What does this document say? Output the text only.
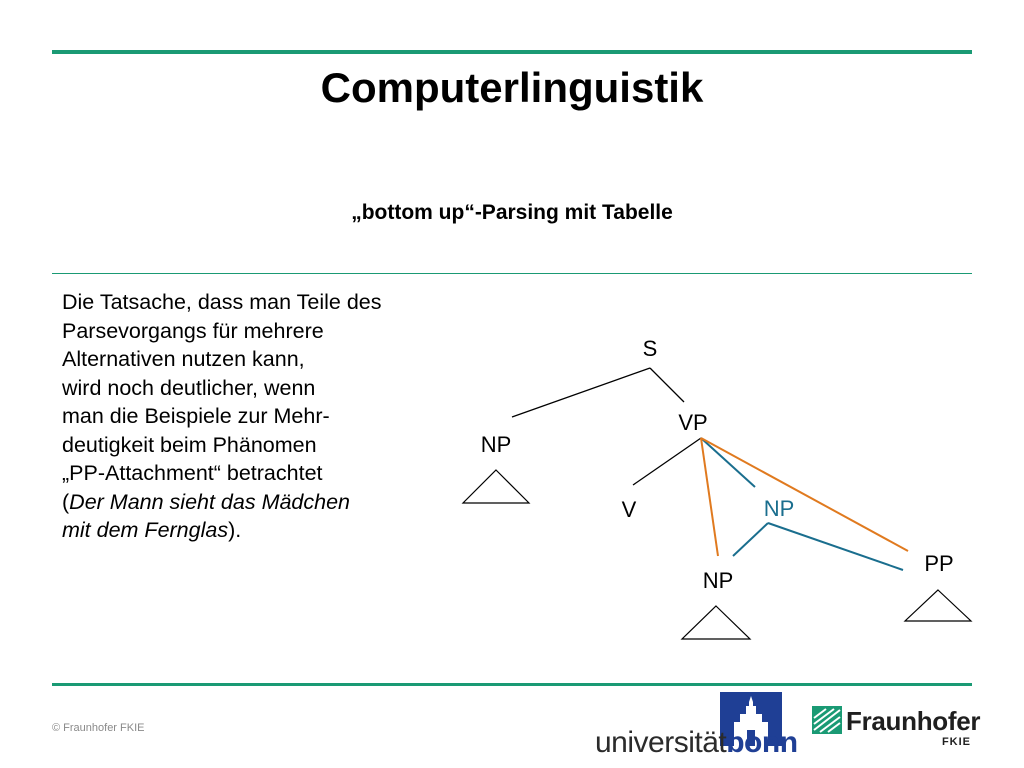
Computerlinguistik
„bottom up“-Parsing mit Tabelle
Die Tatsache, dass man Teile des
Parsevorgangs für mehrere
Alternativen nutzen kann,
wird noch deutlicher, wenn
man die Beispiele zur Mehr-
deutigkeit beim Phänomen
„PP-Attachment“ betrachtet
(Der Mann sieht das Mädchen
mit dem Fernglas).
S
NP
VP
V	NP
NP
PP
© Fraunhofer FKIE	universitätbonn
Fraunhofer
FKIE
